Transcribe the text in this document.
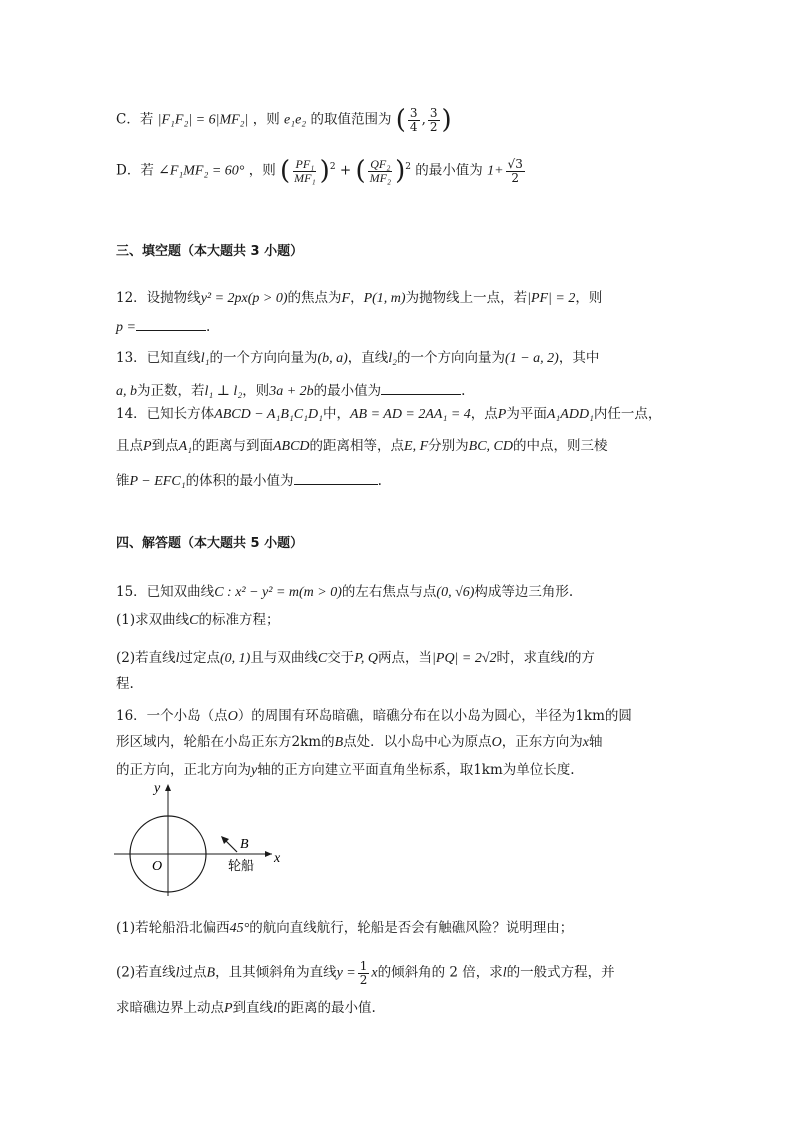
C．若 |F₁F₂| = 6|MF₂| ，则 e₁e₂ 的取值范围为 ( $\frac{3}{4}$ , $\frac{3}{2}$ )
D．若 ∠F₁MF₂ = 60° ，则 ( $\frac{\text{PF₁}}{\text{MF₁}} )^2$ + ( $\frac{\text{QF₂}}{\text{MF₂}} )^2$ 的最小值为 $1+ \frac{√3}{2}$
三、填空题（本大题共 3 小题）
12．设抛物线y² = 2px(p > 0)的焦点为F，P(1, m)为抛物线上一点，若|PF| = 2，则
p =	.
13．已知直线l₁的一个方向向量为(b, a)，直线l₂的一个方向向量为(1 − a, 2)，其中
a, b为正数，若l₁ ⊥ l₂，则3a + 2b的最小值为	.
14．已知长方体ABCD − A₁B₁C₁D₁中，AB = AD = 2AA₁ = 4，点P为平面A₁ADD₁内任一点，
且点P到点A₁的距离与到面ABCD的距离相等，点E, F分别为BC, CD的中点，则三棱
锥P − EFC₁的体积的最小值为	.
四、解答题（本大题共 5 小题）
15．已知双曲线C : x² − y² = m(m > 0)的左右焦点与点(0, √6)构成等边三角形.
(1)求双曲线C的标准方程；
(2)若直线l过定点(0, 1)且与双曲线C交于P, Q两点，当|PQ| = 2√2时，求直线l的方
程.
16．一个小岛（点O）的周围有环岛暗礁，暗礁分布在以小岛为圆心，半径为1km的圆
形区域内，轮船在小岛正东方2km的B点处．以小岛中心为原点O，正东方向为x轴
的正方向，正北方向为y轴的正方向建立平面直角坐标系，取1km为单位长度.
y
x
O
B
轮船
(1)若轮船沿北偏西45°的航向直线航行，轮船是否会有触礁风险？说明理由；
(2)若直线l过点B，且其倾斜角为直线$y = \frac{1}{2}$ x的倾斜角的 2 倍，求l的一般式方程，并
求暗礁边界上动点P到直线l的距离的最小值.
